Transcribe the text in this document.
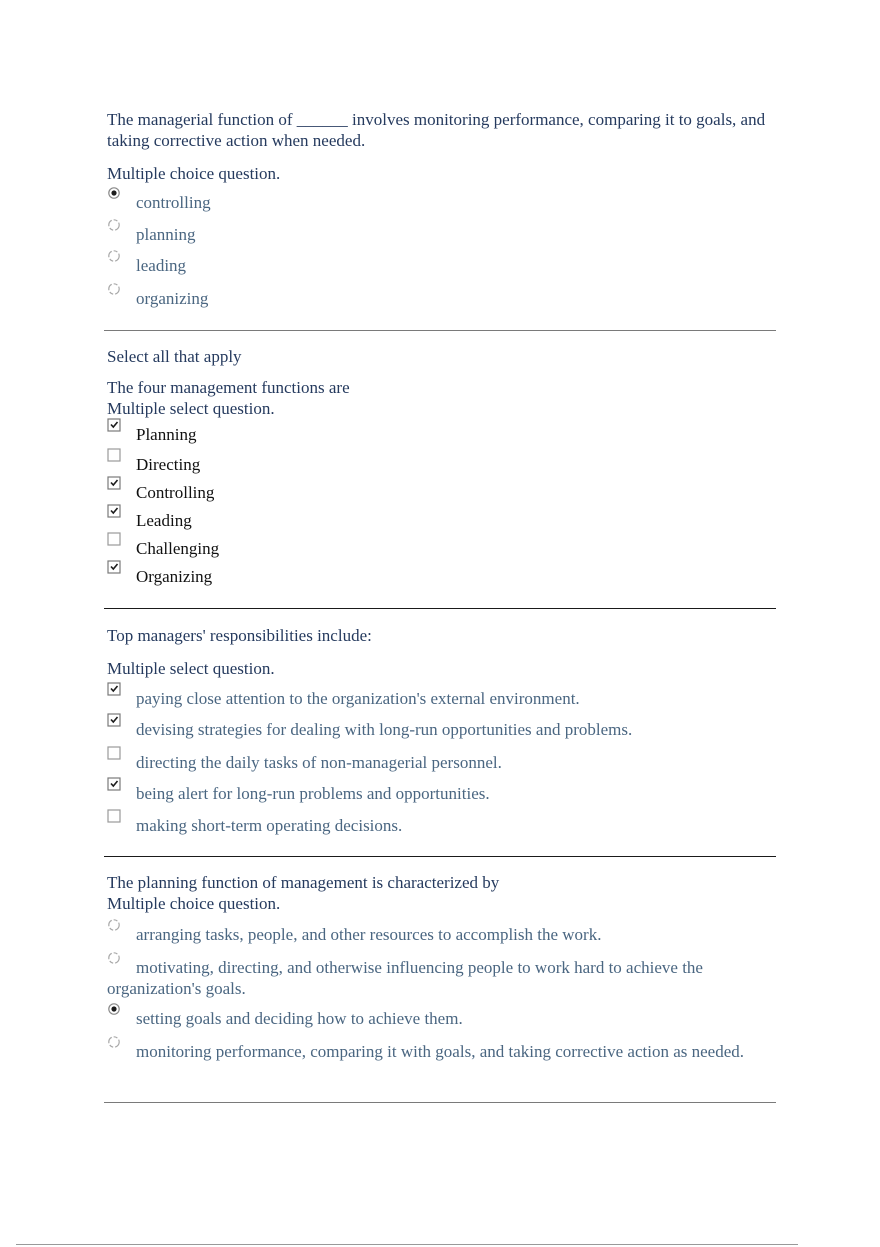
The managerial function of ______ involves monitoring performance, comparing it to goals, and taking corrective action when needed.

Multiple choice question.

controlling
planning
leading
organizing

Select all that apply

The four management functions are

Multiple select question.

Planning
Directing
Controlling
Leading
Challenging
Organizing

Top managers' responsibilities include:

Multiple select question.

paying close attention to the organization's external environment.
devising strategies for dealing with long-run opportunities and problems.
directing the daily tasks of non-managerial personnel.
being alert for long-run problems and opportunities.
making short-term operating decisions.

The planning function of management is characterized by

Multiple choice question.

arranging tasks, people, and other resources to accomplish the work.
motivating, directing, and otherwise influencing people to work hard to achieve the organization's goals.
setting goals and deciding how to achieve them.
monitoring performance, comparing it with goals, and taking corrective action as needed.
